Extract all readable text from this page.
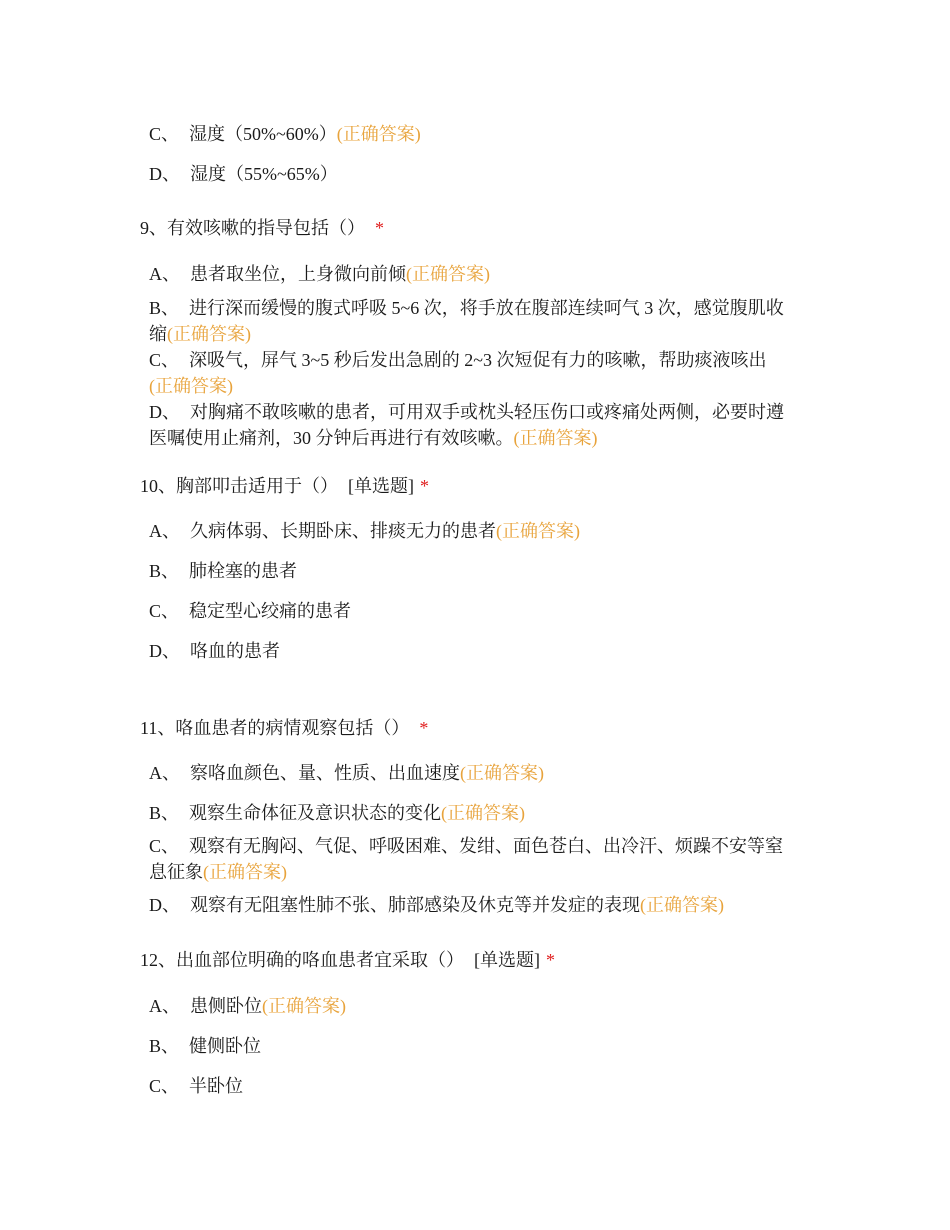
C、 湿度（50%~60%）(正确答案)
D、 湿度（55%~65%）
9、有效咳嗽的指导包括（） *
A、 患者取坐位，上身微向前倾(正确答案)
B、 进行深而缓慢的腹式呼吸 5~6 次，将手放在腹部连续呵气 3 次，感觉腹肌收
缩(正确答案)
C、 深吸气，屏气 3~5 秒后发出急剧的 2~3 次短促有力的咳嗽，帮助痰液咳出
(正确答案)
D、 对胸痛不敢咳嗽的患者，可用双手或枕头轻压伤口或疼痛处两侧，必要时遵
医嘱使用止痛剂，30 分钟后再进行有效咳嗽。(正确答案)
10、胸部叩击适用于（） [单选题] *
A、 久病体弱、长期卧床、排痰无力的患者(正确答案)
B、 肺栓塞的患者
C、 稳定型心绞痛的患者
D、 咯血的患者
11、咯血患者的病情观察包括（） *
A、 察咯血颜色、量、性质、出血速度(正确答案)
B、 观察生命体征及意识状态的变化(正确答案)
C、 观察有无胸闷、气促、呼吸困难、发绀、面色苍白、出冷汗、烦躁不安等窒
息征象(正确答案)
D、 观察有无阻塞性肺不张、肺部感染及休克等并发症的表现(正确答案)
12、出血部位明确的咯血患者宜采取（） [单选题] *
A、 患侧卧位(正确答案)
B、 健侧卧位
C、 半卧位
